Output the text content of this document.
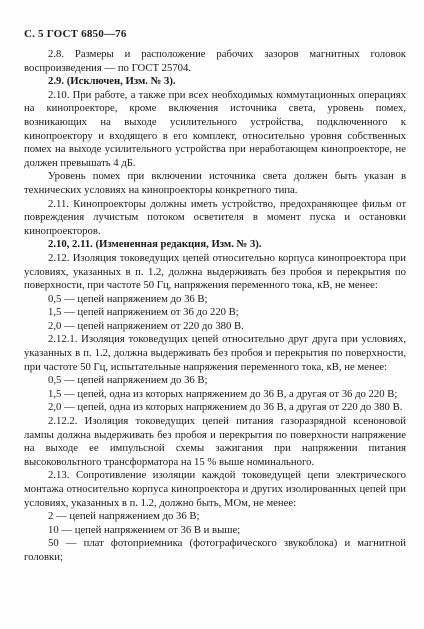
С. 5 ГОСТ 6850—76

2.8. Размеры и расположение рабочих зазоров магнитных головок воспроизведения — по ГОСТ 25704.

2.9. (Исключен, Изм. № 3).

2.10. При работе, а также при всех необходимых коммутационных операциях на кинопроекторе, кроме включения источника света, уровень помех, возникающих на выходе усилительного устройства, подключенного к кинопроектору и входящего в его комплект, относительно уровня собственных помех на выходе усилительного устройства при неработающем кинопроекторе, не должен превышать 4 дБ.

Уровень помех при включении источника света должен быть указан в технических условиях на кинопроекторы конкретного типа.

2.11. Кинопроекторы должны иметь устройство, предохраняющее фильм от повреждения лучистым потоком осветителя в момент пуска и остановки кинопроекторов.

2.10, 2.11. (Измененная редакция, Изм. № 3).

2.12. Изоляция токоведущих цепей относительно корпуса кинопроектора при условиях, указанных в п. 1.2, должна выдерживать без пробоя и перекрытия по поверхности, при частоте 50 Гц, напряжения переменного тока, кВ, не менее:

0,5 — цепей напряжением до 36 В;

1,5 — цепей напряжением от 36 до 220 В;

2,0 — цепей напряжением от 220 до 380 В.

2.12.1. Изоляция токоведущих цепей относительно друг друга при условиях, указанных в п. 1.2, должна выдерживать без пробоя и перекрытия по поверхности, при частоте 50 Гц, испытательные напряжения переменного тока, кВ, не менее:

0,5 — цепей напряжением до 36 В;

1,5 — цепей, одна из которых напряжением до 36 В, а другая от 36 до 220 В;

2,0 — цепей, одна из которых напряжением до 36 В, а другая от 220 до 380 В.

2.12.2. Изоляция токоведущих цепей питания газоразрядной ксеноновой лампы должна выдерживать без пробоя и перекрытия по поверхности напряжение на выходе ее импульсной схемы зажигания при напряжении питания высоковольтного трансформатора на 15 % выше номинального.

2.13. Сопротивление изоляции каждой токоведущей цепи электрического монтажа относительно корпуса кинопроектора и других изолированных цепей при условиях, указанных в п. 1.2, должно быть, МОм, не менее:

2 — цепей напряжением до 36 В;

10 — цепей напряжением от 36 В и выше;

50 — плат фотоприемника (фотографического звукоблока) и магнитной головки;
